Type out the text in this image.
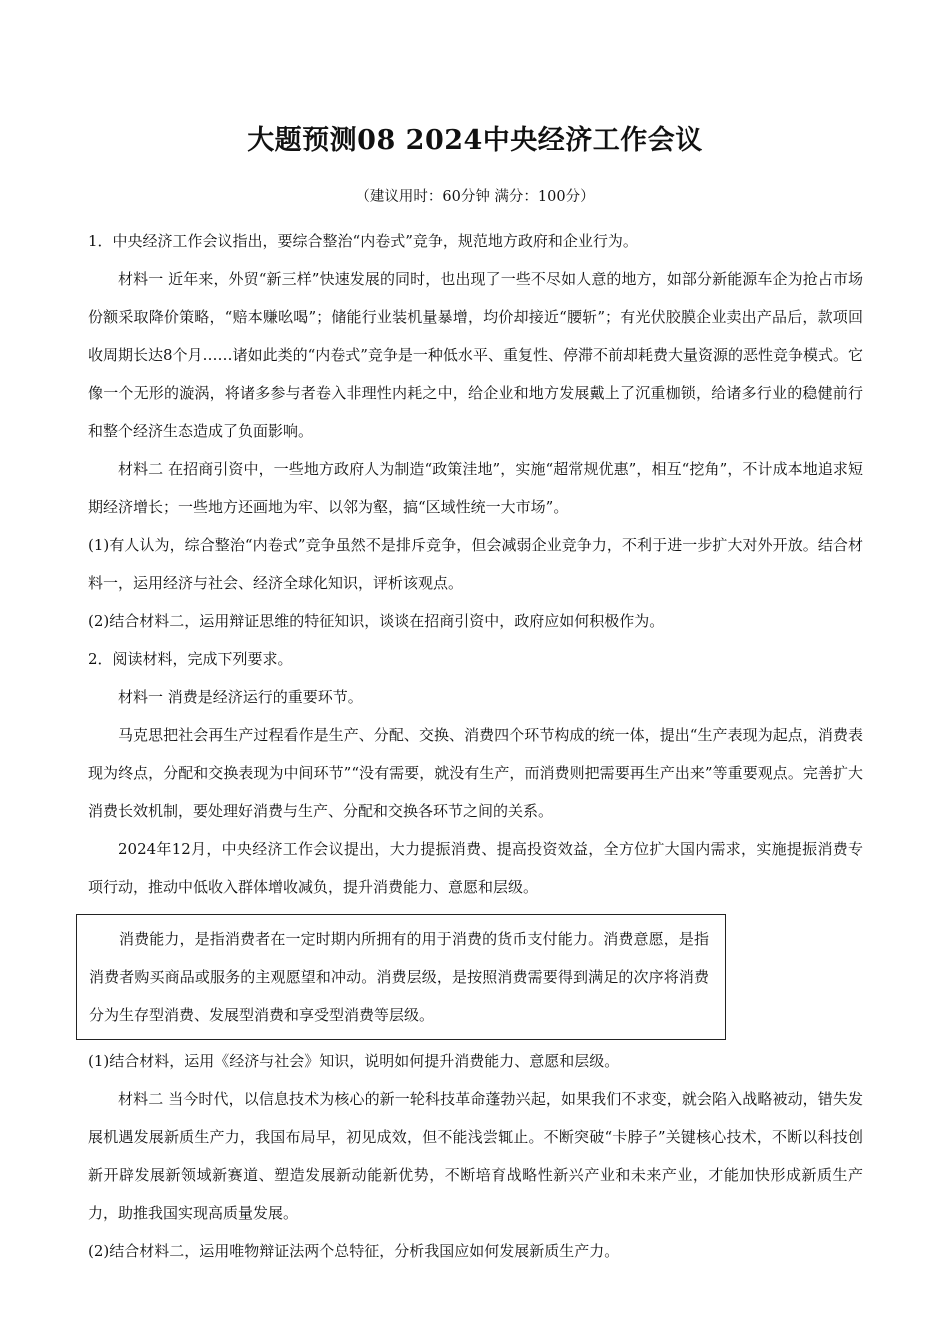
大题预测08 2024中央经济工作会议
（建议用时：60分钟 满分：100分）

1．中央经济工作会议指出，要综合整治“内卷式”竞争，规范地方政府和企业行为。

材料一 近年来，外贸“新三样”快速发展的同时，也出现了一些不尽如人意的地方，如部分新能源车企为抢占市场份额采取降价策略，“赔本赚吆喝”；储能行业装机量暴增，均价却接近“腰斩”；有光伏胶膜企业卖出产品后，款项回收周期长达8个月……诸如此类的“内卷式”竞争是一种低水平、重复性、停滞不前却耗费大量资源的恶性竞争模式。它像一个无形的漩涡，将诸多参与者卷入非理性内耗之中，给企业和地方发展戴上了沉重枷锁，给诸多行业的稳健前行和整个经济生态造成了负面影响。

材料二 在招商引资中，一些地方政府人为制造“政策洼地”，实施“超常规优惠”，相互“挖角”，不计成本地追求短期经济增长；一些地方还画地为牢、以邻为壑，搞“区域性统一大市场”。

(1)有人认为，综合整治“内卷式”竞争虽然不是排斥竞争，但会减弱企业竞争力，不利于进一步扩大对外开放。结合材料一，运用经济与社会、经济全球化知识，评析该观点。

(2)结合材料二，运用辩证思维的特征知识，谈谈在招商引资中，政府应如何积极作为。

2．阅读材料，完成下列要求。

材料一 消费是经济运行的重要环节。

马克思把社会再生产过程看作是生产、分配、交换、消费四个环节构成的统一体，提出“生产表现为起点，消费表现为终点，分配和交换表现为中间环节”“没有需要，就没有生产，而消费则把需要再生产出来”等重要观点。完善扩大消费长效机制，要处理好消费与生产、分配和交换各环节之间的关系。

2024年12月，中央经济工作会议提出，大力提振消费、提高投资效益，全方位扩大国内需求，实施提振消费专项行动，推动中低收入群体增收减负，提升消费能力、意愿和层级。

消费能力，是指消费者在一定时期内所拥有的用于消费的货币支付能力。消费意愿，是指消费者购买商品或服务的主观愿望和冲动。消费层级，是按照消费需要得到满足的次序将消费分为生存型消费、发展型消费和享受型消费等层级。

(1)结合材料，运用《经济与社会》知识，说明如何提升消费能力、意愿和层级。

材料二 当今时代，以信息技术为核心的新一轮科技革命蓬勃兴起，如果我们不求变，就会陷入战略被动，错失发展机遇发展新质生产力，我国布局早，初见成效，但不能浅尝辄止。不断突破“卡脖子”关键核心技术，不断以科技创新开辟发展新领域新赛道、塑造发展新动能新优势，不断培育战略性新兴产业和未来产业，才能加快形成新质生产力，助推我国实现高质量发展。

(2)结合材料二，运用唯物辩证法两个总特征，分析我国应如何发展新质生产力。
